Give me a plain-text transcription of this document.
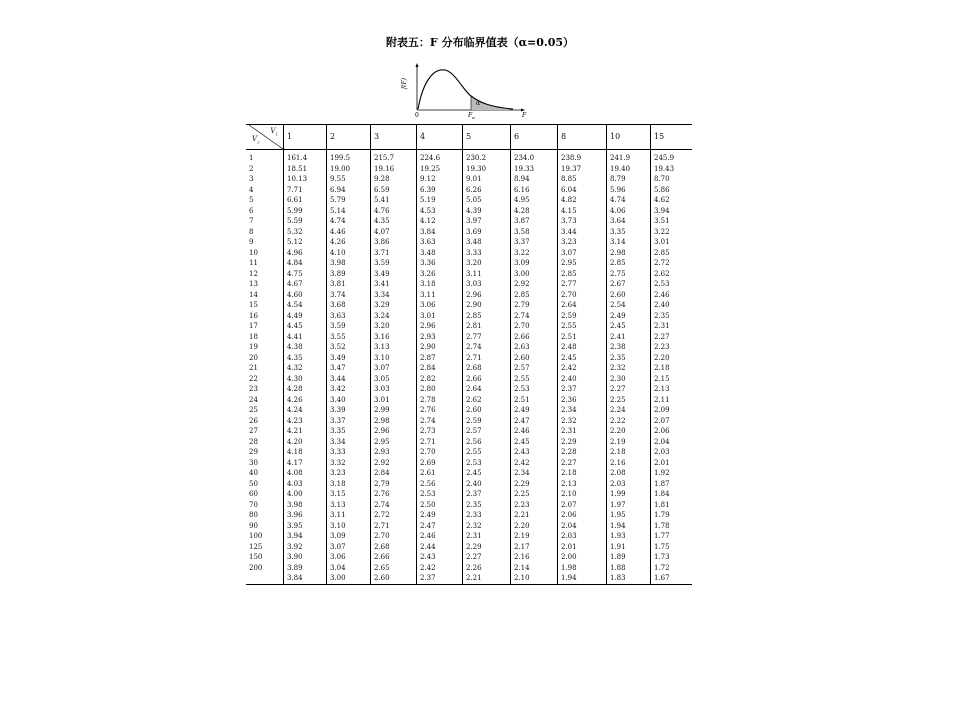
附表五：F 分布临界值表（α=0.05）
f(F)
0	$F_\alpha$
α
F
$V_1$
$V_2$	1	2	3	4	5	6	8	10	15
1	161.4	199.5	215.7	224.6	230.2	234.0	238.9	241.9	245.9
2	18.51	19.00	19.16	19.25	19.30	19.33	19.37	19.40	19.43
3	10.13	9.55	9.28	9.12	9.01	8.94	8.85	8.79	8.70
4	7.71	6.94	6.59	6.39	6.26	6.16	6.04	5.96	5.86
5	6.61	5.79	5.41	5.19	5.05	4.95	4.82	4.74	4.62
6	5.99	5.14	4.76	4.53	4.39	4.28	4.15	4.06	3.94
7	5.59	4.74	4.35	4.12	3.97	3.87	3.73	3.64	3.51
8	5.32	4.46	4.07	3.84	3.69	3.58	3.44	3.35	3.22
9	5.12	4.26	3.86	3.63	3.48	3.37	3.23	3.14	3.01
10	4.96	4.10	3.71	3.48	3.33	3.22	3.07	2.98	2.85
11	4.84	3.98	3.59	3.36	3.20	3.09	2.95	2.85	2.72
12	4.75	3.89	3.49	3.26	3.11	3.00	2.85	2.75	2.62
13	4.67	3.81	3.41	3.18	3.03	2.92	2.77	2.67	2.53
14	4.60	3.74	3.34	3.11	2.96	2.85	2.70	2.60	2.46
15	4.54	3.68	3.29	3.06	2.90	2.79	2.64	2.54	2.40
16	4.49	3.63	3.24	3.01	2.85	2.74	2.59	2.49	2.35
17	4.45	3.59	3.20	2.96	2.81	2.70	2.55	2.45	2.31
18	4.41	3.55	3.16	2.93	2.77	2.66	2.51	2.41	2.27
19	4.38	3.52	3.13	2.90	2.74	2.63	2.48	2.38	2.23
20	4.35	3.49	3.10	2.87	2.71	2.60	2.45	2.35	2.20
21	4.32	3.47	3.07	2.84	2.68	2.57	2.42	2.32	2.18
22	4.30	3.44	3.05	2.82	2.66	2.55	2.40	2.30	2.15
23	4.28	3.42	3.03	2.80	2.64	2.53	2.37	2.27	2.13
24	4.26	3.40	3.01	2.78	2.62	2.51	2.36	2.25	2.11
25	4.24	3.39	2.99	2.76	2.60	2.49	2.34	2.24	2.09
26	4.23	3.37	2.98	2.74	2.59	2.47	2.32	2.22	2.07
27	4.21	3.35	2.96	2.73	2.57	2.46	2.31	2.20	2.06
28	4.20	3.34	2.95	2.71	2.56	2.45	2.29	2.19	2.04
29	4.18	3.33	2.93	2.70	2.55	2.43	2.28	2.18	2.03
30	4.17	3.32	2.92	2.69	2.53	2.42	2.27	2.16	2.01
40	4.08	3.23	2.84	2.61	2.45	2.34	2.18	2.08	1.92
50	4.03	3.18	2.79	2.56	2.40	2.29	2.13	2.03	1.87
60	4.00	3.15	2.76	2.53	2.37	2.25	2.10	1.99	1.84
70	3.98	3.13	2.74	2.50	2.35	2.23	2.07	1.97	1.81
80	3.96	3.11	2.72	2.49	2.33	2.21	2.06	1.95	1.79
90	3.95	3.10	2.71	2.47	2.32	2.20	2.04	1.94	1.78
100	3.94	3.09	2.70	2.46	2.31	2.19	2.03	1.93	1.77
125	3.92	3.07	2.68	2.44	2.29	2.17	2.01	1.91	1.75
150	3.90	3.06	2.66	2.43	2.27	2.16	2.00	1.89	1.73
200	3.89	3.04	2.65	2.42	2.26	2.14	1.98	1.88	1.72
	3.84	3.00	2.60	2.37	2.21	2.10	1.94	1.83	1.67
